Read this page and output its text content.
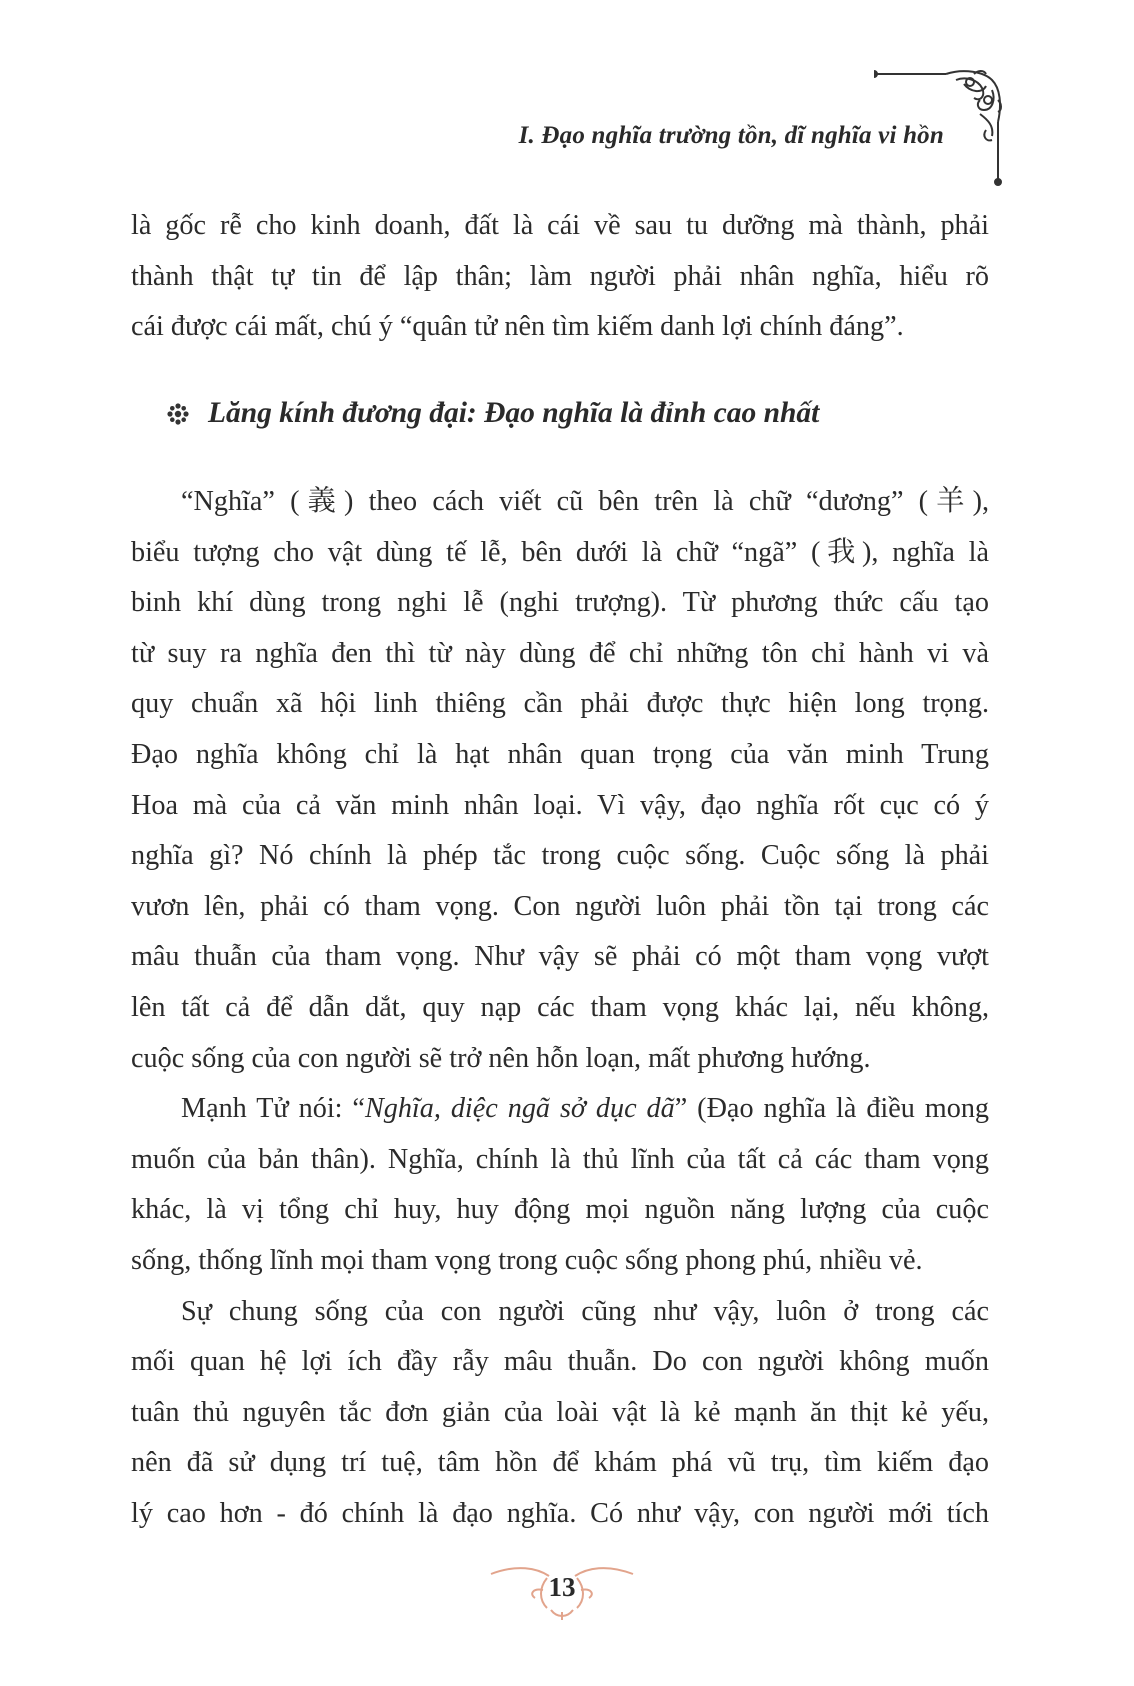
I. Đạo nghĩa trường tồn, dĩ nghĩa vi hồn

là gốc rễ cho kinh doanh, đất là cái về sau tu dưỡng mà thành, phải

thành thật tự tin để lập thân; làm người phải nhân nghĩa, hiểu rõ

cái được cái mất, chú ý “quân tử nên tìm kiếm danh lợi chính đáng”.

Lăng kính đương đại: Đạo nghĩa là đỉnh cao nhất

“Nghĩa” (義) theo cách viết cũ bên trên là chữ “dương” (羊),

biểu tượng cho vật dùng tế lễ, bên dưới là chữ “ngã” (我), nghĩa là

binh khí dùng trong nghi lễ (nghi trượng). Từ phương thức cấu tạo

từ suy ra nghĩa đen thì từ này dùng để chỉ những tôn chỉ hành vi và

quy chuẩn xã hội linh thiêng cần phải được thực hiện long trọng.

Đạo nghĩa không chỉ là hạt nhân quan trọng của văn minh Trung

Hoa mà của cả văn minh nhân loại. Vì vậy, đạo nghĩa rốt cục có ý

nghĩa gì? Nó chính là phép tắc trong cuộc sống. Cuộc sống là phải

vươn lên, phải có tham vọng. Con người luôn phải tồn tại trong các

mâu thuẫn của tham vọng. Như vậy sẽ phải có một tham vọng vượt

lên tất cả để dẫn dắt, quy nạp các tham vọng khác lại, nếu không,

cuộc sống của con người sẽ trở nên hỗn loạn, mất phương hướng.

Mạnh Tử nói: “Nghĩa, diệc ngã sở dục dã” (Đạo nghĩa là điều mong

muốn của bản thân). Nghĩa, chính là thủ lĩnh của tất cả các tham vọng

khác, là vị tổng chỉ huy, huy động mọi nguồn năng lượng của cuộc

sống, thống lĩnh mọi tham vọng trong cuộc sống phong phú, nhiều vẻ.

Sự chung sống của con người cũng như vậy, luôn ở trong các

mối quan hệ lợi ích đầy rẫy mâu thuẫn. Do con người không muốn

tuân thủ nguyên tắc đơn giản của loài vật là kẻ mạnh ăn thịt kẻ yếu,

nên đã sử dụng trí tuệ, tâm hồn để khám phá vũ trụ, tìm kiếm đạo

lý cao hơn - đó chính là đạo nghĩa. Có như vậy, con người mới tích

13
